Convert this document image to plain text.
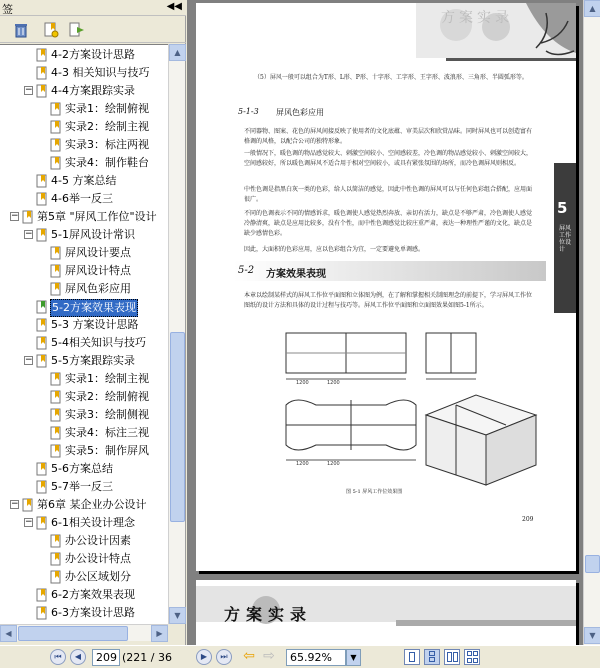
签	◀◀
4-2方案设计思路
4-3 相关知识与技巧
− 4-4方案跟踪实录
实录1：绘制俯视
实录2：绘制主视
实录3：标注两视
实录4：制作鞋台
4-5 方案总结
4-6举一反三
− 第5章 "屏风工作位"设计
− 5-1屏风设计常识
屏风设计要点
屏风设计特点
屏风色彩应用
5-2方案效果表现
5-3 方案设计思路
5-4相关知识与技巧
− 5-5方案跟踪实录
实录1：绘制主视
实录2：绘制俯视
实录3：绘制侧视
实录4：标注三视
实录5：制作屏风
5-6方案总结
5-7举一反三
− 第6章 某企业办公设计
− 6-1相关设计理念
办公设计因素
办公设计特点
办公区域划分
6-2方案效果表现
6-3方案设计思路
▲
▼
◀	▶
方案实录
5
屏风工作位设计
（5）屏风一般可以组合为T形、L形、P形、十字形、工字形、王字形、波浪形、三角形、半圆弧形等。
5-1-3 屏风色彩应用
不同器物、图案、花色的屏风间接反映了使用者的文化底蕴、审美层次和欣赏品味。同时屏风也可以创造富有格调的风格，以配合公司的独特形象。
一般情况下，暖色调的物品感觉较大、刺激空间较小、空间感较差，冷色调的物品感觉较小、刺激空间较大，空间感较好，所以暖色调屏风不适合用于相对空间较小，或具有紧张氛围的场所，而冷色调屏风则相反。
中性色调是指黑白灰一类的色彩，给人以简洁的感觉，因此中性色调的屏风可以与任何色彩组合搭配，应用面很广。
不同的色调表示不同的情感诉求，暖色调使人感觉热烈奔放、亲切有活力，缺点是不够严肃，冷色调使人感觉冷静清爽，缺点是应用比较多，没有个性，而中性色调感觉比较庄重严肃，表达一种理性严谨的文化，缺点是缺少感情色彩。
因此，大面积的色彩应用，应以色彩组合为宜，一定要避免单调感。
5-2 方案效果表现
本章以绘制某样式的屏风工作位平面图和立体图为例，在了解和掌握相关制图理念的前提下，学习屏风工作位图纸的设计方法和具体的设计过程与技巧等。屏风工作位平面图和立面图效果如图5-1所示。
1200	1200
1200	1200
图 5-1 屏风工作位效果图
209
方案实录
▲
▼
⏮	◀	209 (221 / 36	▶	⏭	⇦ ⇨	65.92%	▼
